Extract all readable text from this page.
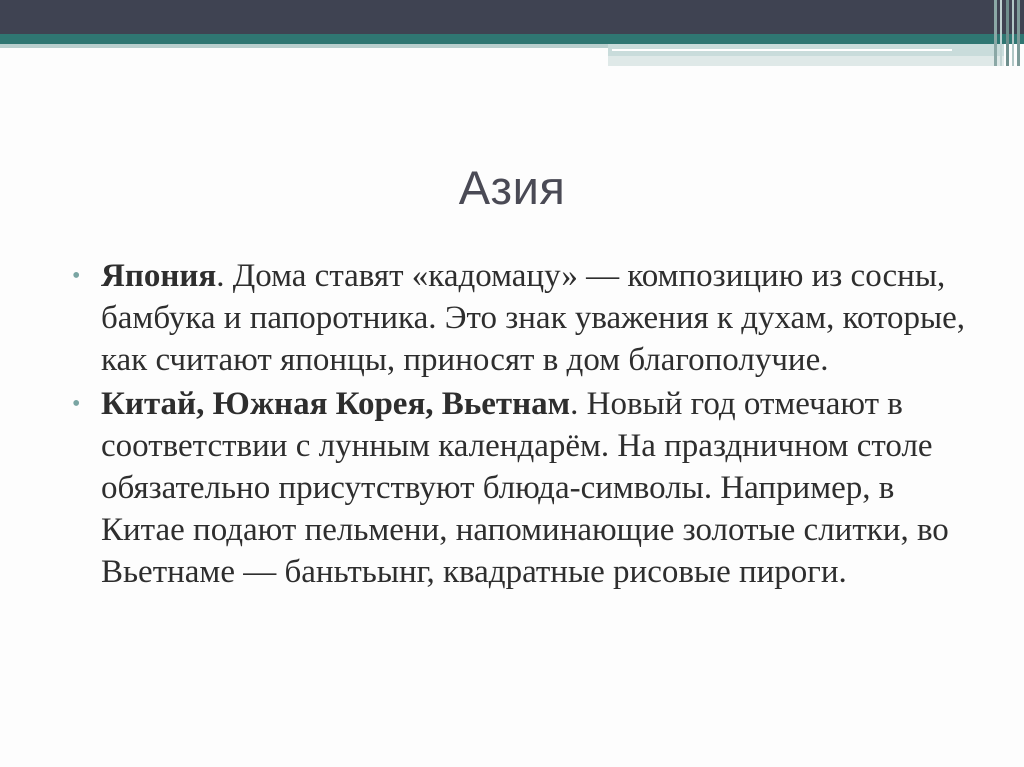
Азия
• Япония. Дома ставят «кадомацу» — композицию из сосны, бамбука и папоротника. Это знак уважения к духам, которые, как считают японцы, приносят в дом благополучие.
• Китай, Южная Корея, Вьетнам. Новый год отмечают в соответствии с лунным календарём. На праздничном столе обязательно присутствуют блюда-символы. Например, в Китае подают пельмени, напоминающие золотые слитки, во Вьетнаме — баньтьынг, квадратные рисовые пироги.
